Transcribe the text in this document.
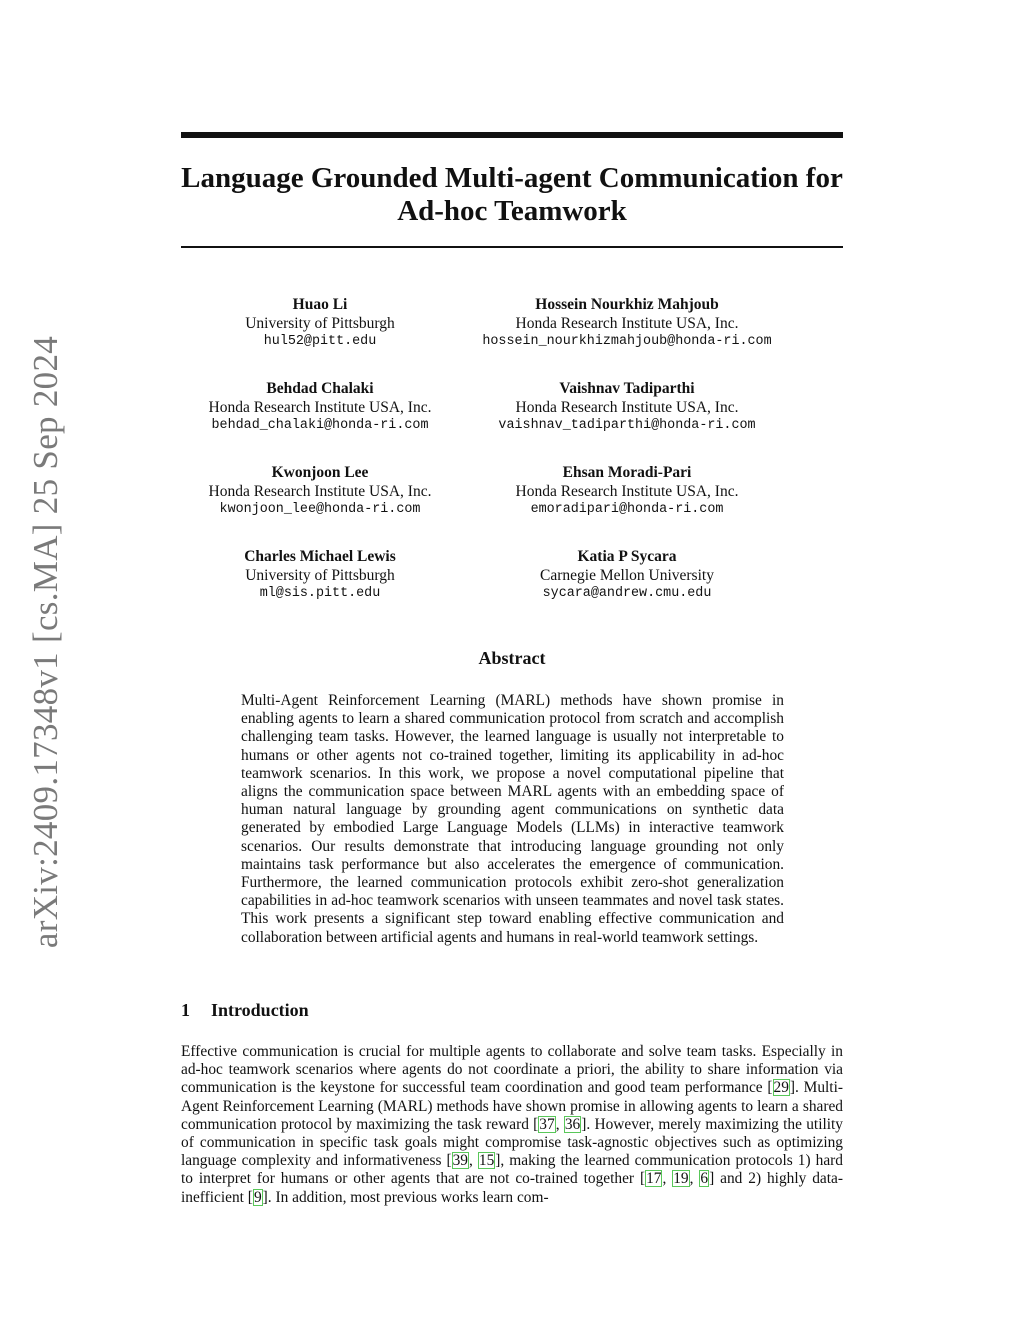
arXiv:2409.17348v1 [cs.MA] 25 Sep 2024
Language Grounded Multi-agent Communication for
Ad-hoc Teamwork
Huao Li
University of Pittsburgh
hul52@pitt.edu
Hossein Nourkhiz Mahjoub
Honda Research Institute USA, Inc.
hossein_nourkhizmahjoub@honda-ri.com
Behdad Chalaki
Honda Research Institute USA, Inc.
behdad_chalaki@honda-ri.com
Vaishnav Tadiparthi
Honda Research Institute USA, Inc.
vaishnav_tadiparthi@honda-ri.com
Kwonjoon Lee
Honda Research Institute USA, Inc.
kwonjoon_lee@honda-ri.com
Ehsan Moradi-Pari
Honda Research Institute USA, Inc.
emoradipari@honda-ri.com
Charles Michael Lewis
University of Pittsburgh
ml@sis.pitt.edu
Katia P Sycara
Carnegie Mellon University
sycara@andrew.cmu.edu
Abstract

Multi-Agent Reinforcement Learning (MARL) methods have shown promise in enabling agents to learn a shared communication protocol from scratch and accomplish challenging team tasks. However, the learned language is usually not interpretable to humans or other agents not co-trained together, limiting its applicability in ad-hoc teamwork scenarios. In this work, we propose a novel computational pipeline that aligns the communication space between MARL agents with an embedding space of human natural language by grounding agent communications on synthetic data generated by embodied Large Language Models (LLMs) in interactive teamwork scenarios. Our results demonstrate that introducing language grounding not only maintains task performance but also accelerates the emergence of communication. Furthermore, the learned communication protocols exhibit zero-shot generalization capabilities in ad-hoc teamwork scenarios with unseen teammates and novel task states. This work presents a significant step toward enabling effective communication and collaboration between artificial agents and humans in real-world teamwork settings.

1 Introduction

Effective communication is crucial for multiple agents to collaborate and solve team tasks. Especially in ad-hoc teamwork scenarios where agents do not coordinate a priori, the ability to share information via communication is the keystone for successful team coordination and good team performance [29]. Multi-Agent Reinforcement Learning (MARL) methods have shown promise in allowing agents to learn a shared communication protocol by maximizing the task reward [37, 36]. However, merely maximizing the utility of communication in specific task goals might compromise task-agnostic objectives such as optimizing language complexity and informativeness [39, 15], making the learned communication protocols 1) hard to interpret for humans or other agents that are not co-trained together [17, 19, 6] and 2) highly data-inefficient [9]. In addition, most previous works learn com-
